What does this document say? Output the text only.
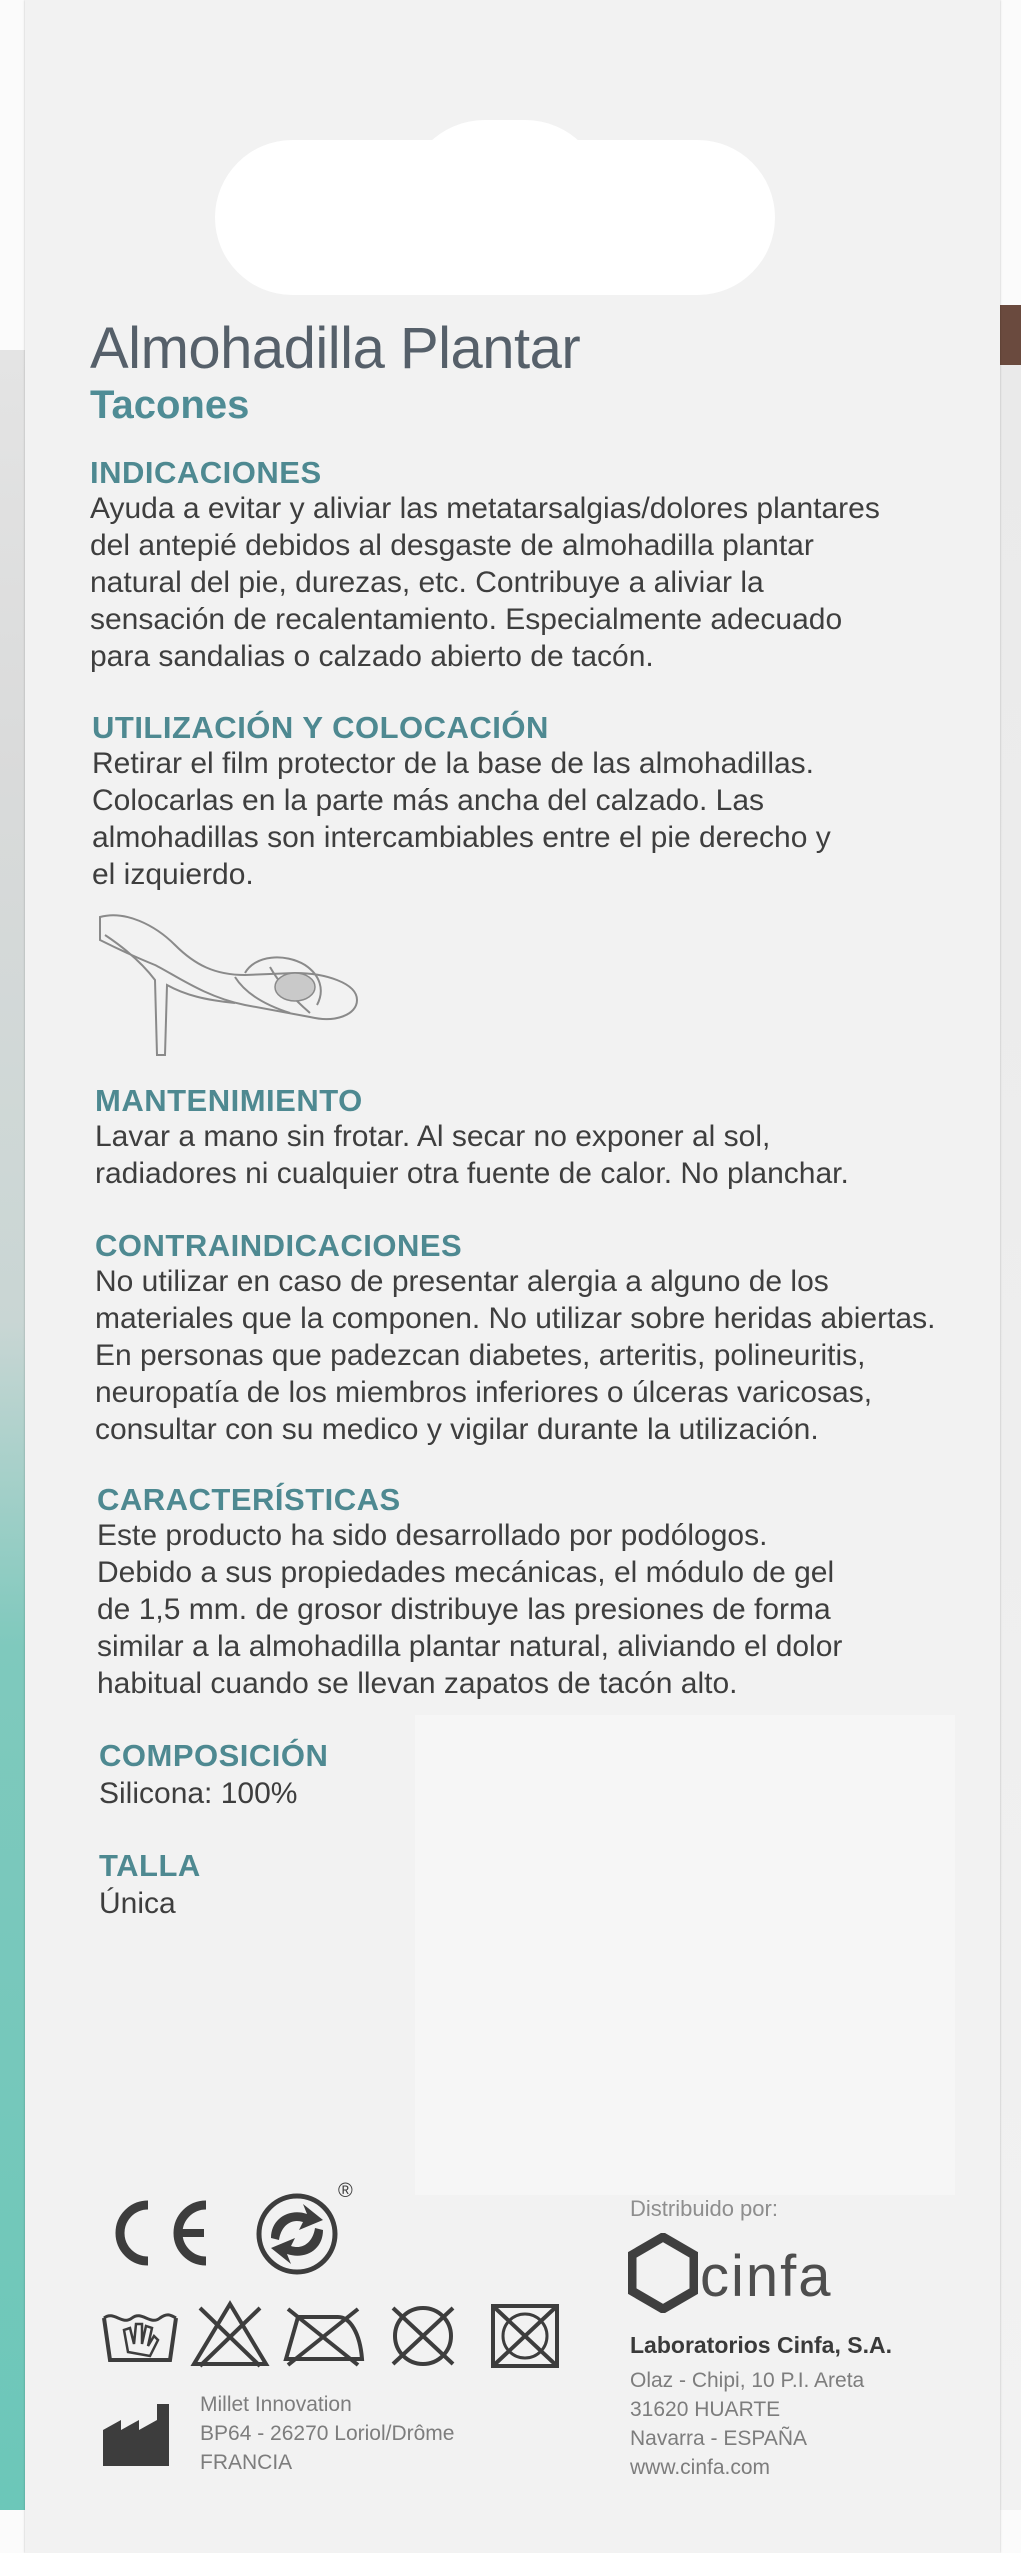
Almohadilla Plantar
Tacones
INDICACIONES
Ayuda a evitar y aliviar las metatarsalgias/dolores plantares
del antepié debidos al desgaste de almohadilla plantar
natural del pie, durezas, etc. Contribuye a aliviar la
sensación de recalentamiento. Especialmente adecuado
para sandalias o calzado abierto de tacón.
UTILIZACIÓN Y COLOCACIÓN
Retirar el film protector de la base de las almohadillas.
Colocarlas en la parte más ancha del calzado. Las
almohadillas son intercambiables entre el pie derecho y
el izquierdo.
MANTENIMIENTO
Lavar a mano sin frotar. Al secar no exponer al sol,
radiadores ni cualquier otra fuente de calor. No planchar.
CONTRAINDICACIONES
No utilizar en caso de presentar alergia a alguno de los
materiales que la componen. No utilizar sobre heridas abiertas.
En personas que padezcan diabetes, arteritis, polineuritis,
neuropatía de los miembros inferiores o úlceras varicosas,
consultar con su medico y vigilar durante la utilización.
CARACTERÍSTICAS
Este producto ha sido desarrollado por podólogos.
Debido a sus propiedades mecánicas, el módulo de gel
de 1,5 mm. de grosor distribuye las presiones de forma
similar a la almohadilla plantar natural, aliviando el dolor
habitual cuando se llevan zapatos de tacón alto.
COMPOSICIÓN
Silicona: 100%
TALLA
Única
®
Millet Innovation
BP64 - 26270 Loriol/Drôme
FRANCIA
Distribuido por:
cinfa
Laboratorios Cinfa, S.A.
Olaz - Chipi, 10 P.I. Areta
31620 HUARTE
Navarra - ESPAÑA
www.cinfa.com
